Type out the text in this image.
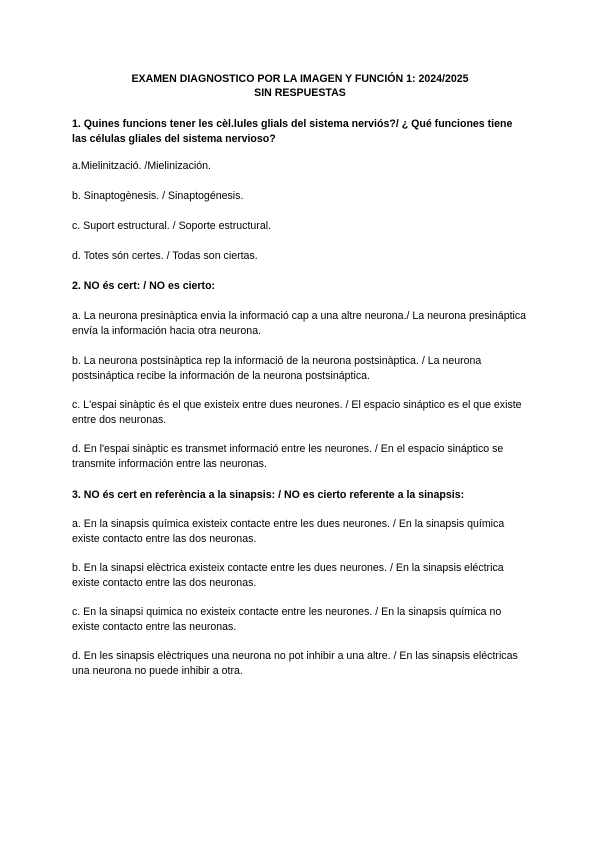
EXAMEN DIAGNOSTICO POR LA IMAGEN Y FUNCIÓN 1: 2024/2025

SIN RESPUESTAS

1. Quines funcions tener les cèl.lules glials del sistema nerviós?/ ¿ Qué funciones tiene las células gliales del sistema nervioso?

a.Mielinització. /Mielinización.

b. Sinaptogènesis. / Sinaptogénesis.

c. Suport estructural. / Soporte estructural.

d. Totes són certes. / Todas son ciertas.

2. NO és cert: / NO es cierto:

a. La neurona presinàptica envia la informació cap a una altre neurona./ La neurona presináptica envía la información hacia otra neurona.

b. La neurona postsinàptica rep la informació de la neurona postsinàptica. / La neurona postsináptica recibe la información de la neurona postsináptica.

c. L'espai sinàptic és el que existeix entre dues neurones. / El espacio sináptico es el que existe entre dos neuronas.

d. En l'espai sinàptic es transmet informació entre les neurones. / En el espacio sináptico se transmite información entre las neuronas.

3. NO és cert en referència a la sinapsis: / NO es cierto referente a la sinapsis:

a. En la sinapsis química existeix contacte entre les dues neurones. / En la sinapsis química existe contacto entre las dos neuronas.

b. En la sinapsi elèctrica existeix contacte entre les dues neurones. / En la sinapsis eléctrica existe contacto entre las dos neuronas.

c. En la sinapsi quimica no existeix contacte entre les neurones. / En la sinapsis química no existe contacto entre las neuronas.

d. En les sinapsis elèctriques una neurona no pot inhibir a una altre. / En las sinapsis eléctricas una neurona no puede inhibir a otra.
